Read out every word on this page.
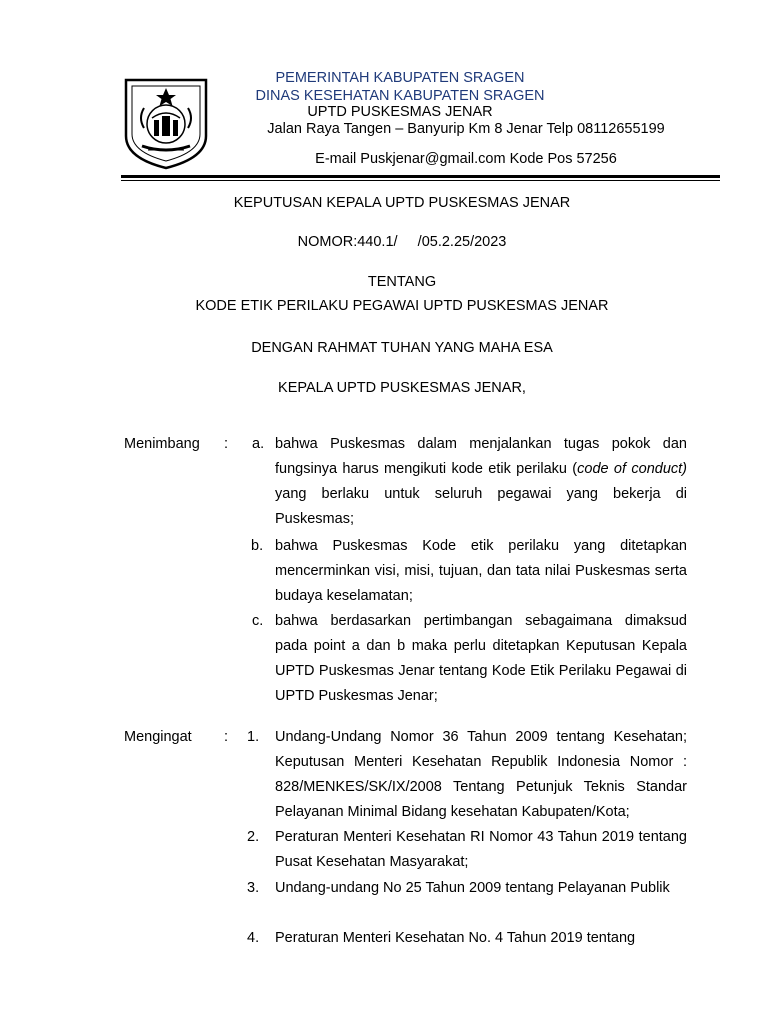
PEMERINTAH KABUPATEN SRAGEN
DINAS KESEHATAN KABUPATEN SRAGEN
UPTD PUSKESMAS JENAR
Jalan Raya Tangen – Banyurip Km 8 Jenar Telp 08112655199
E-mail Puskjenar@gmail.com Kode Pos 57256
KEPUTUSAN KEPALA UPTD PUSKESMAS JENAR
NOMOR:440.1/     /05.2.25/2023
TENTANG
KODE ETIK PERILAKU PEGAWAI UPTD PUSKESMAS JENAR
DENGAN RAHMAT TUHAN YANG MAHA ESA
KEPALA UPTD PUSKESMAS JENAR,
Menimbang : a. bahwa Puskesmas dalam menjalankan tugas pokok dan fungsinya harus mengikuti kode etik perilaku (code of conduct) yang berlaku untuk seluruh pegawai yang bekerja di Puskesmas;
b. bahwa Puskesmas Kode etik perilaku yang ditetapkan mencerminkan visi, misi, tujuan, dan tata nilai Puskesmas serta budaya keselamatan;
c. bahwa berdasarkan pertimbangan sebagaimana dimaksud pada point a dan b maka perlu ditetapkan Keputusan Kepala UPTD Puskesmas Jenar tentang Kode Etik Perilaku Pegawai di UPTD Puskesmas Jenar;
Mengingat : 1. Undang-Undang Nomor 36 Tahun 2009 tentang Kesehatan; Keputusan Menteri Kesehatan Republik Indonesia Nomor : 828/MENKES/SK/IX/2008 Tentang Petunjuk Teknis Standar Pelayanan Minimal Bidang kesehatan Kabupaten/Kota;
2. Peraturan Menteri Kesehatan RI Nomor 43 Tahun 2019 tentang Pusat Kesehatan Masyarakat;
3. Undang-undang No 25 Tahun 2009 tentang Pelayanan Publik
4. Peraturan Menteri Kesehatan No. 4 Tahun 2019 tentang
